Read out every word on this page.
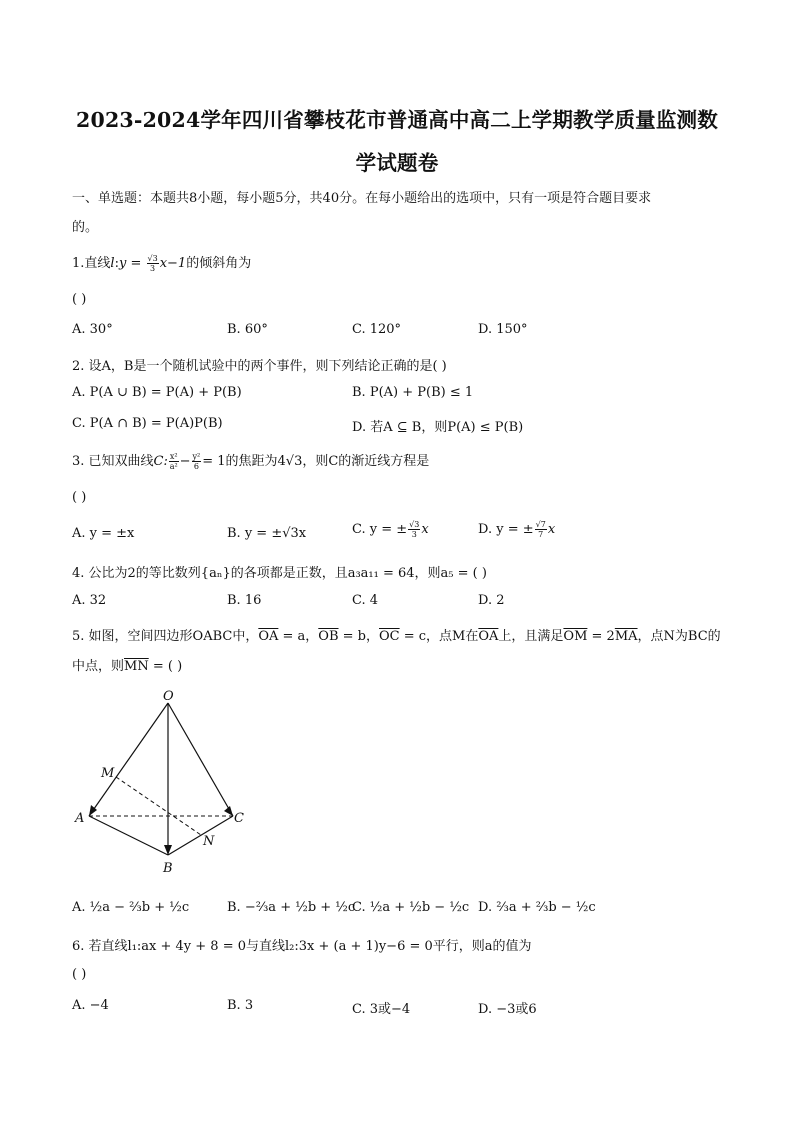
2023-2024学年四川省攀枝花市普通高中高二上学期教学质量监测数
学试题卷
一、单选题：本题共8小题，每小题5分，共40分。在每小题给出的选项中，只有一项是符合题目要求
的。
1.直线l:y = $\frac{√3}{3} x-1$的倾斜角为
( )
A. 30°	B. 60°	C. 120°	D. 150°
2. 设A，B是一个随机试验中的两个事件，则下列结论正确的是( )
A. P(A ∪ B) = P(A) + P(B)	B. P(A) + P(B) ≤ 1
C. P(A ∩ B) = P(A)P(B)	D. 若A ⊆ B，则P(A) ≤ P(B)
3. 已知双曲线C: $\frac{\text{x²}}{\text{a²}} - \frac{\text{y²}}{6} = 1$的焦距为4√3，则C的渐近线方程是
( )
A. y = ±x	B. y = ±√3x	C. y = ± $\frac{√3}{3}$ x	D. y = ± $\frac{√7}{7}$ x
4. 公比为2的等比数列{aₙ}的各项都是正数，且a₃a₁₁ = 64，则a₅ = ( )
A. 32	B. 16	C. 4	D. 2
5. 如图，空间四边形OABC中，$\overline{OA} = a$，$\overline{OB} = b$，$\overline{OC} = c$，点M在$\overline{OA}$上，且满足$\overline{OM} = 2\overline{MA}$，点N为BC的
中点，则$\overline{MN}$ = ( )
O
M
A	C
N
B
A. ½a − ⅔b + ½c	B. −⅔a + ½b + ½c
C. ½a + ½b − ½c D. ⅔a + ⅔b − ½c
6. 若直线l₁:ax + 4y + 8 = 0与直线l₂:3x + (a + 1)y−6 = 0平行，则a的值为
( )
A. −4	B. 3	C. 3或−4	D. −3或6
